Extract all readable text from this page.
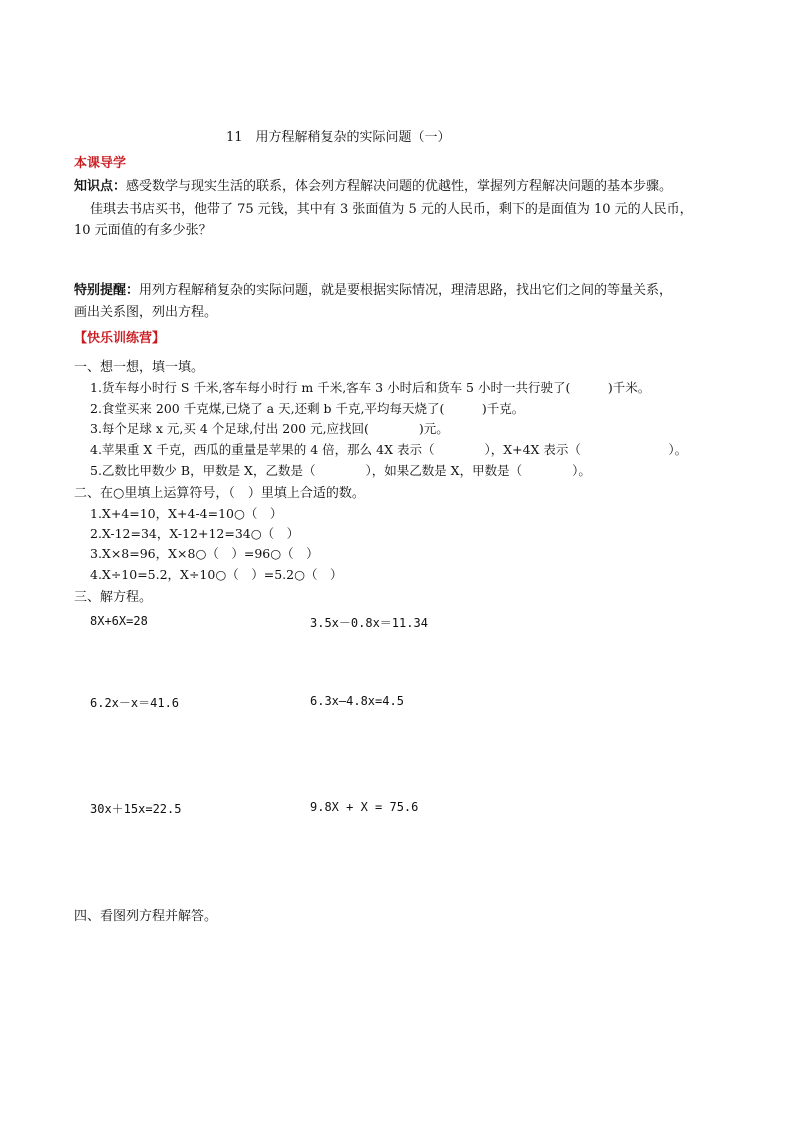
11　用方程解稍复杂的实际问题（一）
本课导学
知识点：感受数学与现实生活的联系，体会列方程解决问题的优越性，掌握列方程解决问题的基本步骤。
佳琪去书店买书，他带了 75 元钱，其中有 3 张面值为 5 元的人民币，剩下的是面值为 10 元的人民币，
10 元面值的有多少张？
特别提醒：用列方程解稍复杂的实际问题，就是要根据实际情况，理清思路，找出它们之间的等量关系，
画出关系图，列出方程。
【快乐训练营】
一、想一想，填一填。
1.货车每小时行 S 千米,客车每小时行 m 千米,客车 3 小时后和货车 5 小时一共行驶了(　　　)千米。
2.食堂买来 200 千克煤,已烧了 a 天,还剩 b 千克,平均每天烧了(　　　)千克。
3.每个足球 x 元,买 4 个足球,付出 200 元,应找回(　　　　)元。
4.苹果重 X 千克，西瓜的重量是苹果的 4 倍，那么 4X 表示（　　　　），X+4X 表示（　　　　　　　）。
5.乙数比甲数少 B，甲数是 X，乙数是（　　　　），如果乙数是 X，甲数是（　　　　）。
二、在○里填上运算符号，（　）里填上合适的数。
1.X+4=10，X+4-4=10○（　）
2.X-12=34，X-12+12=34○（　）
3.X×8=96，X×8○（　）=96○（　）
4.X÷10=5.2，X÷10○（　）=5.2○（　）
三、解方程。
8X+6X=28	3.5x－0.8x＝11.34
6.2x－x＝41.6	6.3x—4.8x=4.5
30x＋15x=22.5	9.8X + X = 75.6
四、看图列方程并解答。
